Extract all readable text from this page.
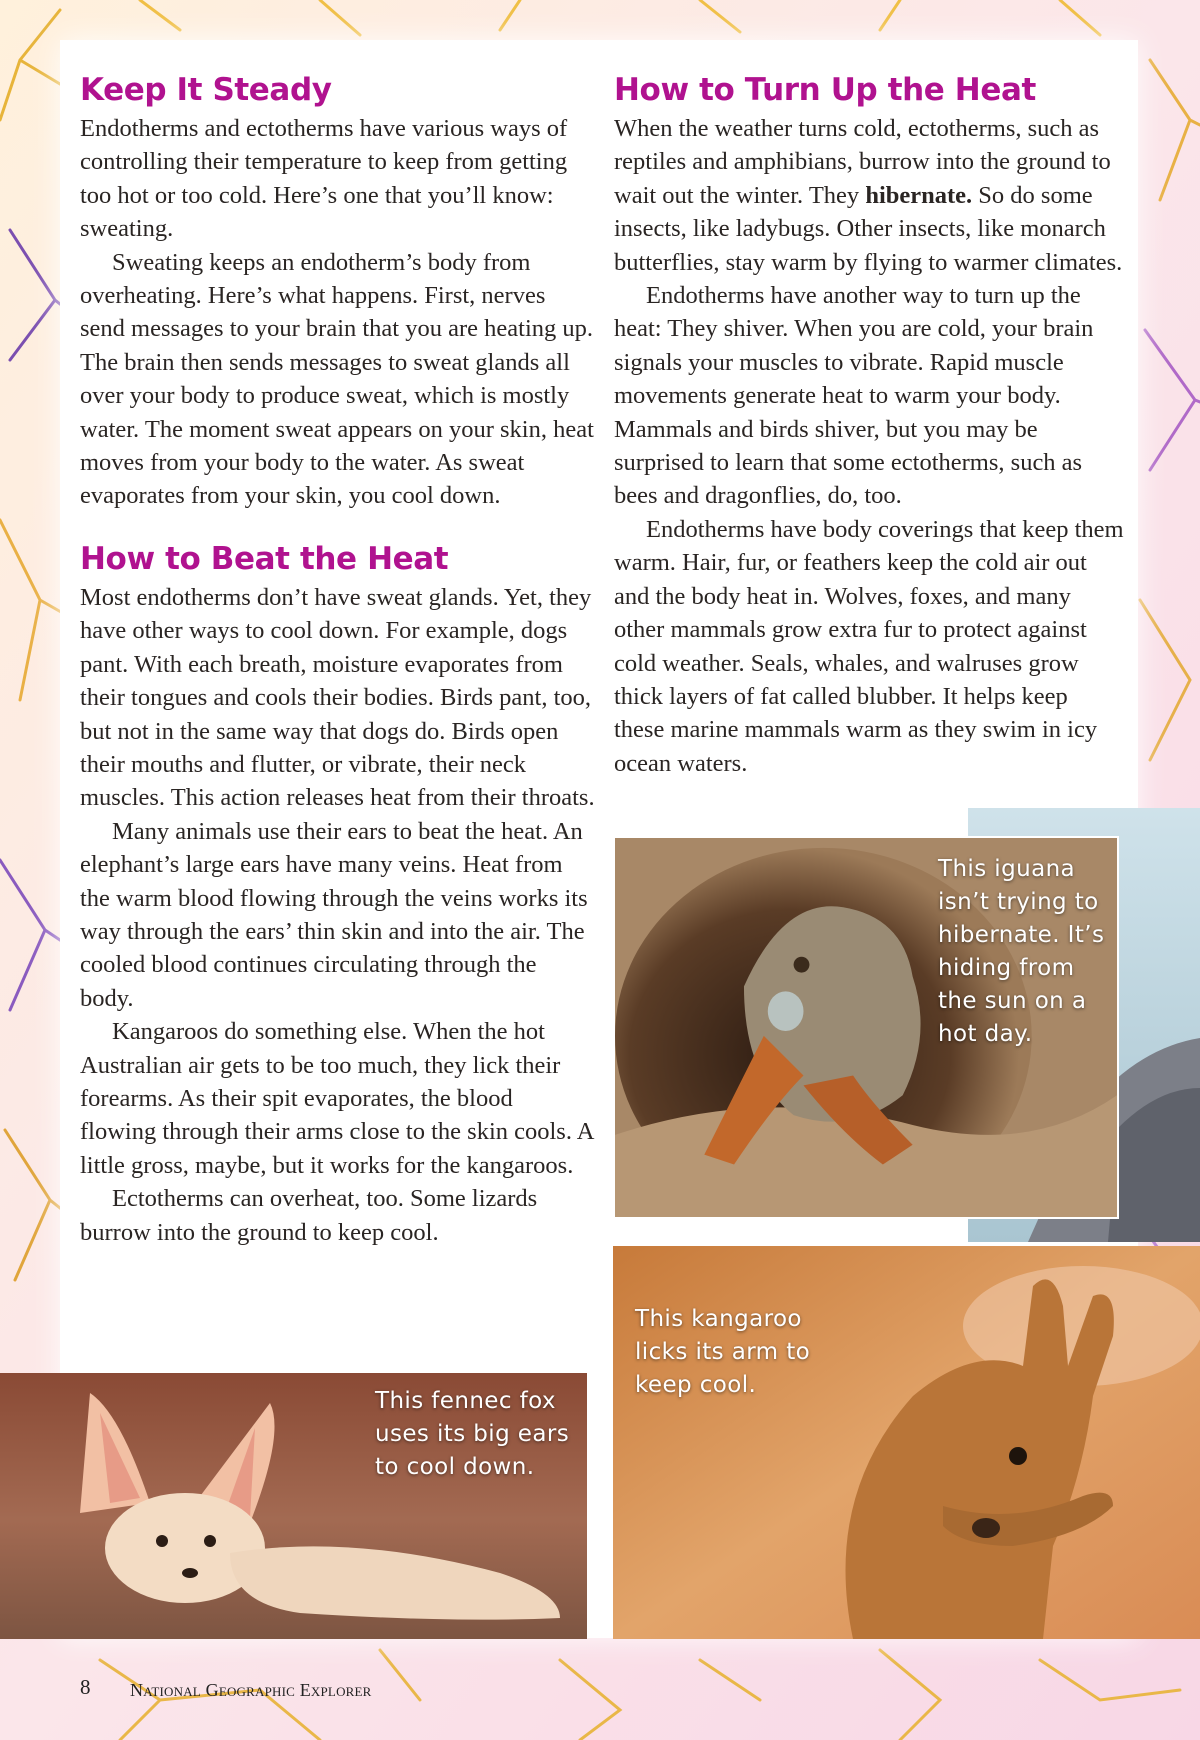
Keep It Steady

Endotherms and ectotherms have various ways of controlling their temperature to keep from getting too hot or too cold. Here’s one that you’ll know: sweating.

Sweating keeps an endotherm’s body from overheating. Here’s what happens. First, nerves send messages to your brain that you are heating up. The brain then sends messages to sweat glands all over your body to produce sweat, which is mostly water. The moment sweat appears on your skin, heat moves from your body to the water. As sweat evaporates from your skin, you cool down.

How to Beat the Heat

Most endotherms don’t have sweat glands. Yet, they have other ways to cool down. For example, dogs pant. With each breath, moisture evaporates from their tongues and cools their bodies. Birds pant, too, but not in the same way that dogs do. Birds open their mouths and flutter, or vibrate, their neck muscles. This action releases heat from their throats.

Many animals use their ears to beat the heat. An elephant’s large ears have many veins. Heat from the warm blood flowing through the veins works its way through the ears’ thin skin and into the air. The cooled blood continues circulating through the body.

Kangaroos do something else. When the hot Australian air gets to be too much, they lick their forearms. As their spit evaporates, the blood flowing through their arms close to the skin cools. A little gross, maybe, but it works for the kangaroos.

Ectotherms can overheat, too. Some lizards burrow into the ground to keep cool.

How to Turn Up the Heat

When the weather turns cold, ectotherms, such as reptiles and amphibians, burrow into the ground to wait out the winter. They hibernate. So do some insects, like ladybugs. Other insects, like monarch butterflies, stay warm by flying to warmer climates.

Endotherms have another way to turn up the heat: They shiver. When you are cold, your brain signals your muscles to vibrate. Rapid muscle movements generate heat to warm your body. Mammals and birds shiver, but you may be surprised to learn that some ectotherms, such as bees and dragonflies, do, too.

Endotherms have body coverings that keep them warm. Hair, fur, or feathers keep the cold air out and the body heat in. Wolves, foxes, and many other mammals grow extra fur to protect against cold weather. Seals, whales, and walruses grow thick layers of fat called blubber. It helps keep these marine mammals warm as they swim in icy ocean waters.

This iguana isn’t trying to hibernate. It’s hiding from the sun on a hot day.
This kangaroo licks its arm to keep cool.
This fennec fox uses its big ears to cool down.
8 National Geographic Explorer
